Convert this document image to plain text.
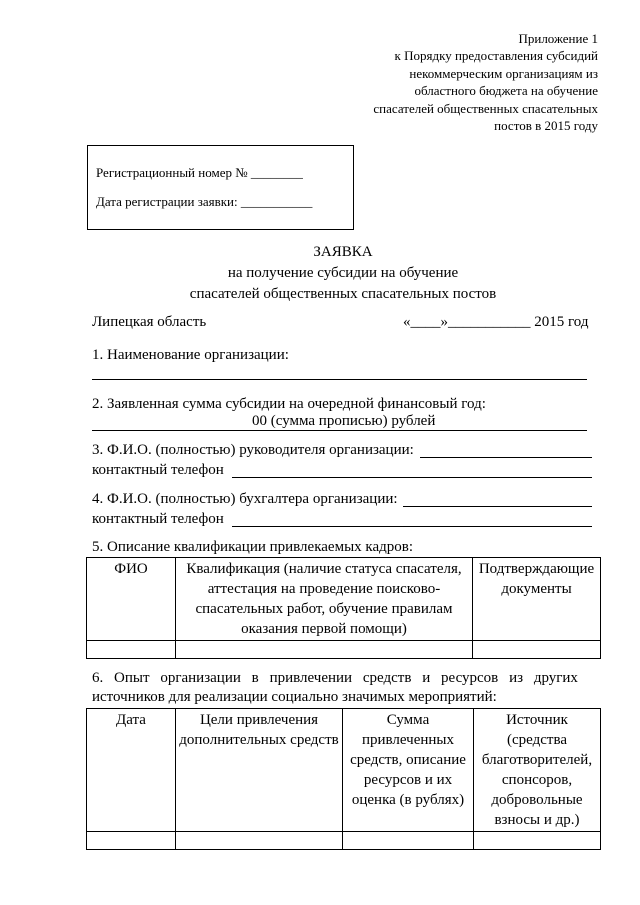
Приложение 1
к Порядку предоставления субсидий
некоммерческим организациям из
областного бюджета на обучение
спасателей общественных спасательных
постов в 2015 году
Регистрационный номер № ________
Дата регистрации заявки: ___________
ЗАЯВКА
на получение субсидии на обучение
спасателей общественных спасательных постов
Липецкая область	«____»___________ 2015 год
1. Наименование организации:
2. Заявленная сумма субсидии на очередной финансовый год:
00 (сумма прописью) рублей
3. Ф.И.О. (полностью) руководителя организации:
контактный телефон
4. Ф.И.О. (полностью) бухгалтера организации:
контактный телефон
5. Описание квалификации привлекаемых кадров:
ФИО	Квалификация (наличие статуса спасателя, аттестация на проведение поисково-спасательных работ, обучение правилам оказания первой помощи)	Подтверждающие документы

6. Опыт организации в привлечении средств и ресурсов из других
источников для реализации социально значимых мероприятий:
Дата	Цели привлечения дополнительных средств	Сумма привлеченных средств, описание ресурсов и их оценка (в рублях)	Источник (средства благотворителей, спонсоров, добровольные взносы и др.)
